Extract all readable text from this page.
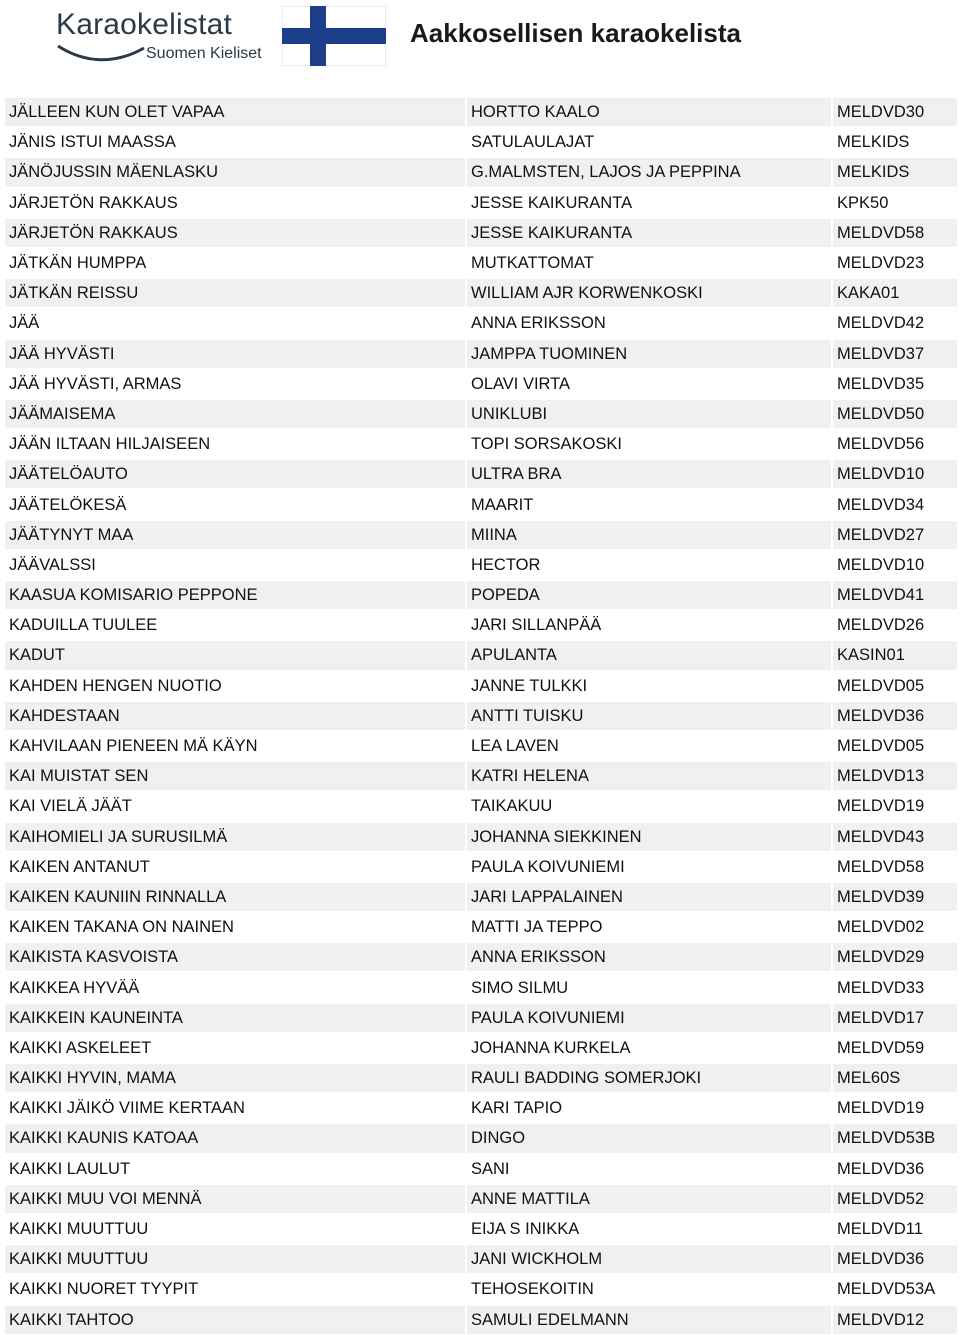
Karaokelistat
Suomen Kieliset
Aakkosellisen karaokelista
JÄLLEEN KUN OLET VAPAA	HORTTO KAALO	MELDVD30
JÄNIS ISTUI MAASSA	SATULAULAJAT	MELKIDS
JÄNÖJUSSIN MÄENLASKU	G.MALMSTEN, LAJOS JA PEPPINA	MELKIDS
JÄRJETÖN RAKKAUS	JESSE KAIKURANTA	KPK50
JÄRJETÖN RAKKAUS	JESSE KAIKURANTA	MELDVD58
JÄTKÄN HUMPPA	MUTKATTOMAT	MELDVD23
JÄTKÄN REISSU	WILLIAM AJR KORWENKOSKI	KAKA01
JÄÄ	ANNA ERIKSSON	MELDVD42
JÄÄ HYVÄSTI	JAMPPA TUOMINEN	MELDVD37
JÄÄ HYVÄSTI, ARMAS	OLAVI VIRTA	MELDVD35
JÄÄMAISEMA	UNIKLUBI	MELDVD50
JÄÄN ILTAAN HILJAISEEN	TOPI SORSAKOSKI	MELDVD56
JÄÄTELÖAUTO	ULTRA BRA	MELDVD10
JÄÄTELÖKESÄ	MAARIT	MELDVD34
JÄÄTYNYT MAA	MIINA	MELDVD27
JÄÄVALSSI	HECTOR	MELDVD10
KAASUA KOMISARIO PEPPONE	POPEDA	MELDVD41
KADUILLA TUULEE	JARI SILLANPÄÄ	MELDVD26
KADUT	APULANTA	KASIN01
KAHDEN HENGEN NUOTIO	JANNE TULKKI	MELDVD05
KAHDESTAAN	ANTTI TUISKU	MELDVD36
KAHVILAAN PIENEEN MÄ KÄYN	LEA LAVEN	MELDVD05
KAI MUISTAT SEN	KATRI HELENA	MELDVD13
KAI VIELÄ JÄÄT	TAIKAKUU	MELDVD19
KAIHOMIELI JA SURUSILMÄ	JOHANNA SIEKKINEN	MELDVD43
KAIKEN ANTANUT	PAULA KOIVUNIEMI	MELDVD58
KAIKEN KAUNIIN RINNALLA	JARI LAPPALAINEN	MELDVD39
KAIKEN TAKANA ON NAINEN	MATTI JA TEPPO	MELDVD02
KAIKISTA KASVOISTA	ANNA ERIKSSON	MELDVD29
KAIKKEA HYVÄÄ	SIMO SILMU	MELDVD33
KAIKKEIN KAUNEINTA	PAULA KOIVUNIEMI	MELDVD17
KAIKKI ASKELEET	JOHANNA KURKELA	MELDVD59
KAIKKI HYVIN, MAMA	RAULI BADDING SOMERJOKI	MEL60S
KAIKKI JÄIKÖ VIIME KERTAAN	KARI TAPIO	MELDVD19
KAIKKI KAUNIS KATOAA	DINGO	MELDVD53B
KAIKKI LAULUT	SANI	MELDVD36
KAIKKI MUU VOI MENNÄ	ANNE MATTILA	MELDVD52
KAIKKI MUUTTUU	EIJA S INIKKA	MELDVD11
KAIKKI MUUTTUU	JANI WICKHOLM	MELDVD36
KAIKKI NUORET TYYPIT	TEHOSEKOITIN	MELDVD53A
KAIKKI TAHTOO	SAMULI EDELMANN	MELDVD12
